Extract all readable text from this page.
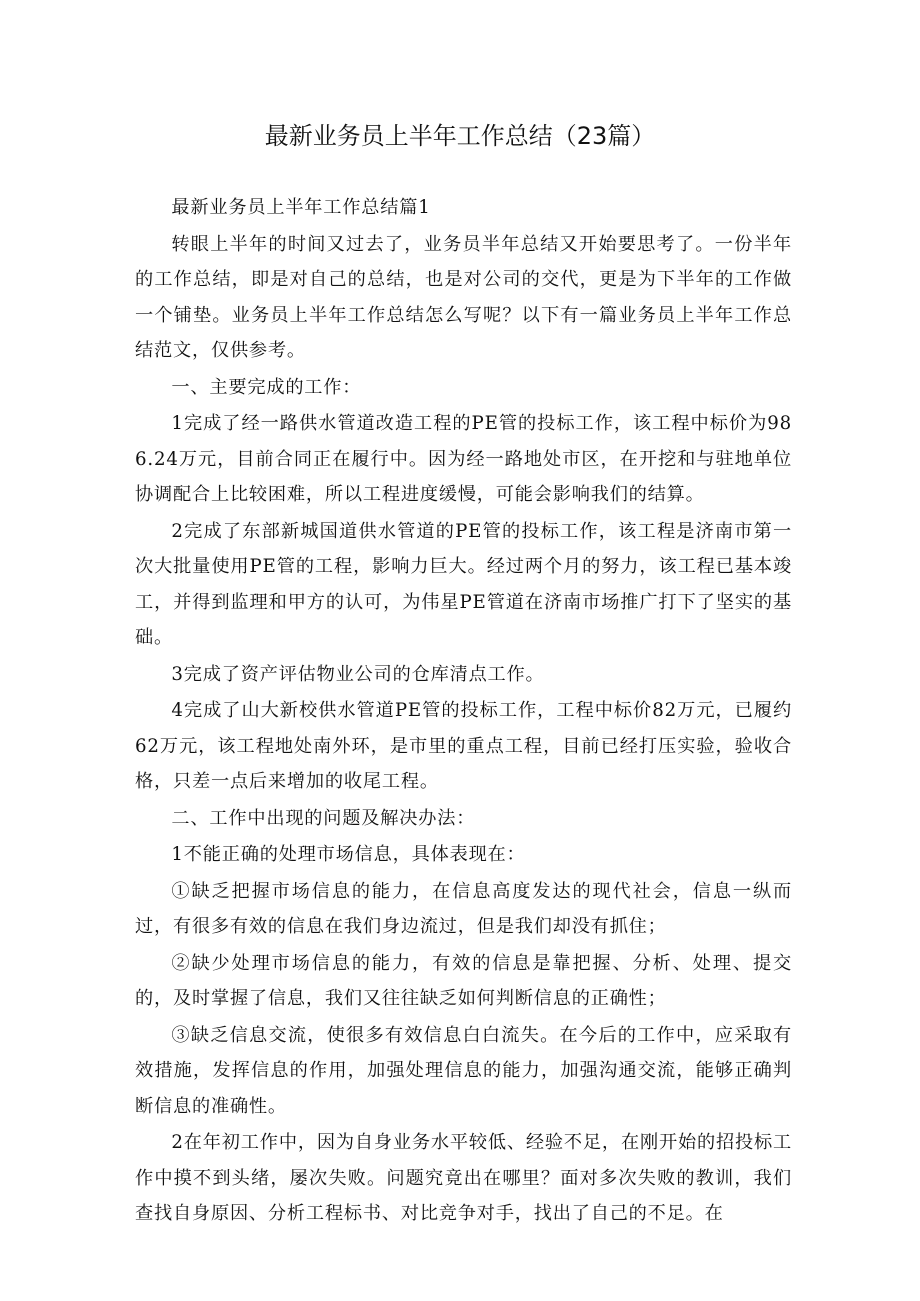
最新业务员上半年工作总结（23篇）

最新业务员上半年工作总结篇1

转眼上半年的时间又过去了，业务员半年总结又开始要思考了。一份半年的工作总结，即是对自己的总结，也是对公司的交代，更是为下半年的工作做一个铺垫。业务员上半年工作总结怎么写呢？以下有一篇业务员上半年工作总结范文，仅供参考。

一、主要完成的工作：

1完成了经一路供水管道改造工程的PE管的投标工作，该工程中标价为986.24万元，目前合同正在履行中。因为经一路地处市区，在开挖和与驻地单位协调配合上比较困难，所以工程进度缓慢，可能会影响我们的结算。

2完成了东部新城国道供水管道的PE管的投标工作，该工程是济南市第一次大批量使用PE管的工程，影响力巨大。经过两个月的努力，该工程已基本竣工，并得到监理和甲方的认可，为伟星PE管道在济南市场推广打下了坚实的基础。

3完成了资产评估物业公司的仓库清点工作。

4完成了山大新校供水管道PE管的投标工作，工程中标价82万元，已履约62万元，该工程地处南外环，是市里的重点工程，目前已经打压实验，验收合格，只差一点后来增加的收尾工程。

二、工作中出现的问题及解决办法：

1不能正确的处理市场信息，具体表现在：

①缺乏把握市场信息的能力，在信息高度发达的现代社会，信息一纵而过，有很多有效的信息在我们身边流过，但是我们却没有抓住；

②缺少处理市场信息的能力，有效的信息是靠把握、分析、处理、提交的，及时掌握了信息，我们又往往缺乏如何判断信息的正确性；

③缺乏信息交流，使很多有效信息白白流失。在今后的工作中，应采取有效措施，发挥信息的作用，加强处理信息的能力，加强沟通交流，能够正确判断信息的准确性。

2在年初工作中，因为自身业务水平较低、经验不足，在刚开始的招投标工作中摸不到头绪，屡次失败。问题究竟出在哪里？面对多次失败的教训，我们查找自身原因、分析工程标书、对比竞争对手，找出了自己的不足。在
